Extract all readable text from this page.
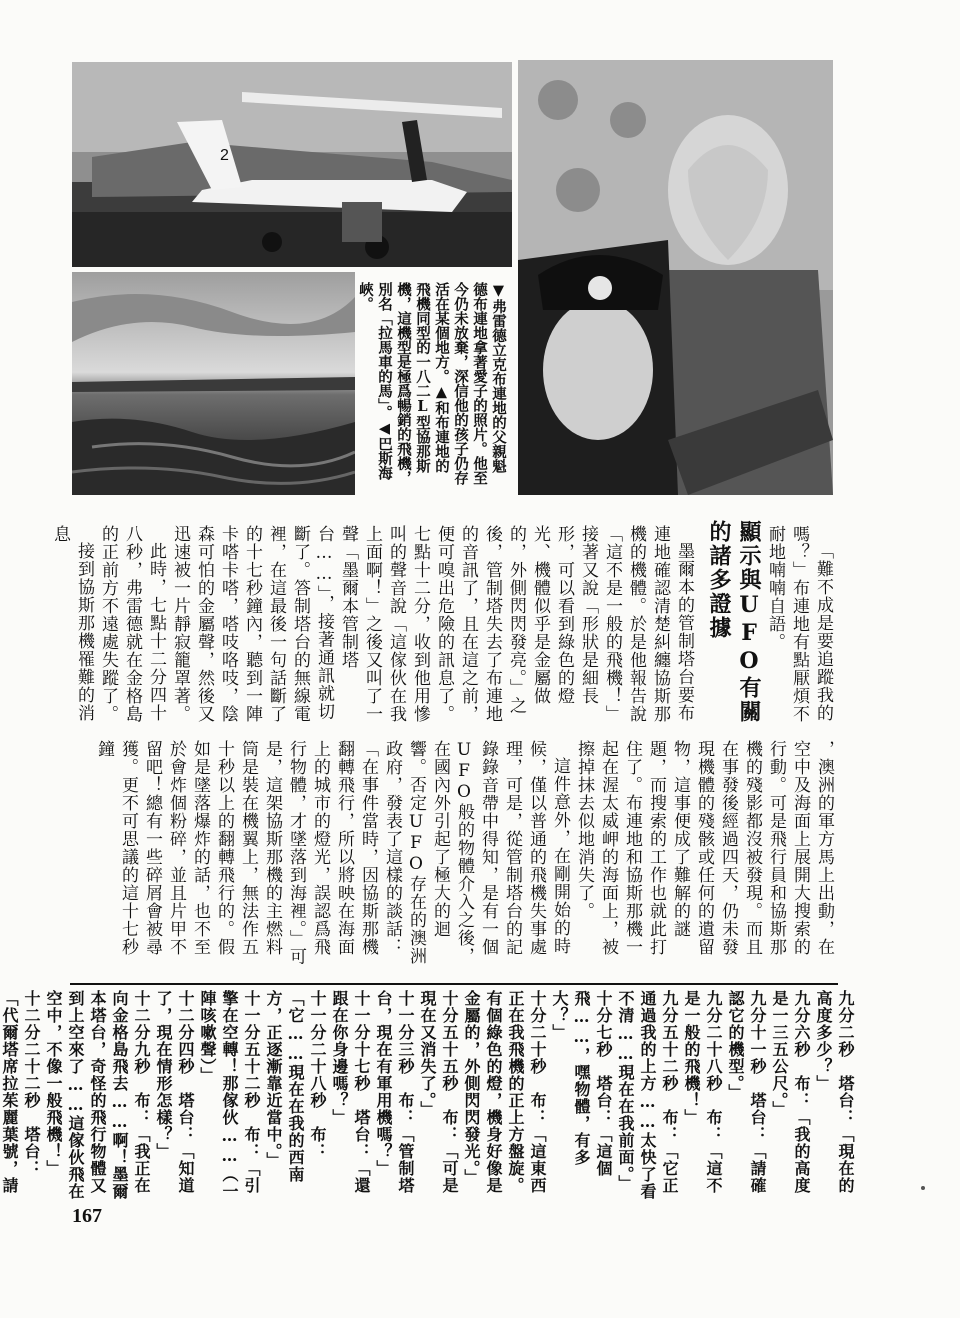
2
▼弗雷德立克布連地的父親魁德布連地拿著愛子的照片。他至今仍未放棄，深信他的孩子仍存活在某個地方。▲和布連地的飛機同型的一八二L型協那斯機，這機型是極爲暢銷的飛機，別名「拉馬車的馬」。◀巴斯海峽。
顯示與UFO有關的諸多證據	「難不成是要追蹤我的嗎？」布連地有點厭煩不耐地喃喃自語。

墨爾本的管制塔台要布連地確認清楚糾纏協斯那機的機體。於是他報告說「這不是一般的飛機！」接著又說「形狀是細長形，可以看到綠色的燈光、機體似乎是金屬做的，外側閃閃發亮。」之後，管制塔失去了布連地的音訊了，且在這之前，便可嗅出危險的訊息了。七點十二分，收到他用慘叫的聲音說「這傢伙在我上面啊！」之後又叫了一聲「墨爾本管制塔台……」，接著通訊就切斷了。答制塔台的無線電裡，在這最後一句話斷了的十七秒鐘內，聽到一陣卡嗒卡嗒，嗒吱咯吱，陰森可怕的金屬聲，然後又迅速被一片靜寂籠罩著。

此時，七點十二分四十八秒，弗雷德就在金格島的正前方不遠處失蹤了。

接到協斯那機罹難的消息

，澳洲的軍方馬上出動，在空中及海面上展開大搜索的行動。可是飛行員和協斯那機的殘影都沒被發現。而且在事發後經過四天，仍未發現機體的殘骸或任何的遺留物，這事便成了難解的謎題，而搜索的工作也就此打住了。布連地和協斯那機一起在渥太威岬的海面上，被擦掉抹去似地消失了。

這件意外，在剛開始的時候，僅以普通的飛機失事處理，可是，從管制塔台的記錄錄音帶中得知，是有一個UFO般的物體介入之後，在國內外引起了極大的迴響。否定UFO存在的澳洲政府，發表了這樣的談話：「在事件當時，因協斯那機翻轉飛行，所以將映在海面上的城市的燈光，誤認爲飛行物體，才墜落到海裡。」可是，這架協斯那機的主燃料筒是裝在機翼上，無法作五十秒以上的翻轉飛行的。假如是墜落爆炸的話，也不至於會炸個粉碎，並且片甲不留吧！總有一些碎屑會被尋獲。更不可思議的這十七秒鐘

九分二秒　塔台：「現在的高度多少？」

九分六秒　布：「我的高度是一三五公尺。」

九分十一秒　塔台：「請確認它的機型。」

九分二十八秒　布：「這不是一般的飛機！」

九分五十二秒　布：「它正通過我的上方……太快了看不清……現在在我前面。」

十分七秒　塔台：「這個飛……，嘿物體，有多大？」

十分二十秒　布：「這東西正在我飛機的正上方盤旋。有個綠色的燈，機身好像是金屬的，外側閃閃發光。」

十分五十五秒　布：「可是現在又消失了。」

十一分三秒　布：「管制塔台，現在有軍用機嗎？」

十一分十七秒　塔台：「還跟在你身邊嗎？」

十一分二十八秒　布：「它……現在在我的西南方，正逐漸靠近當中。」

十一分五十二秒　布：「引擎在空轉！那傢伙……（一陣咳嗽聲）」

十二分四秒　塔台：「知道了，現在情形怎樣？」

十二分九秒　布：「我正在向金格島飛去……啊！墨爾本塔台，奇怪的飛行物體又到上空來了……這傢伙飛在空中，不像一般飛機！」

十二分二十二秒　塔台：「代爾塔席拉茱麗葉號，請

167
